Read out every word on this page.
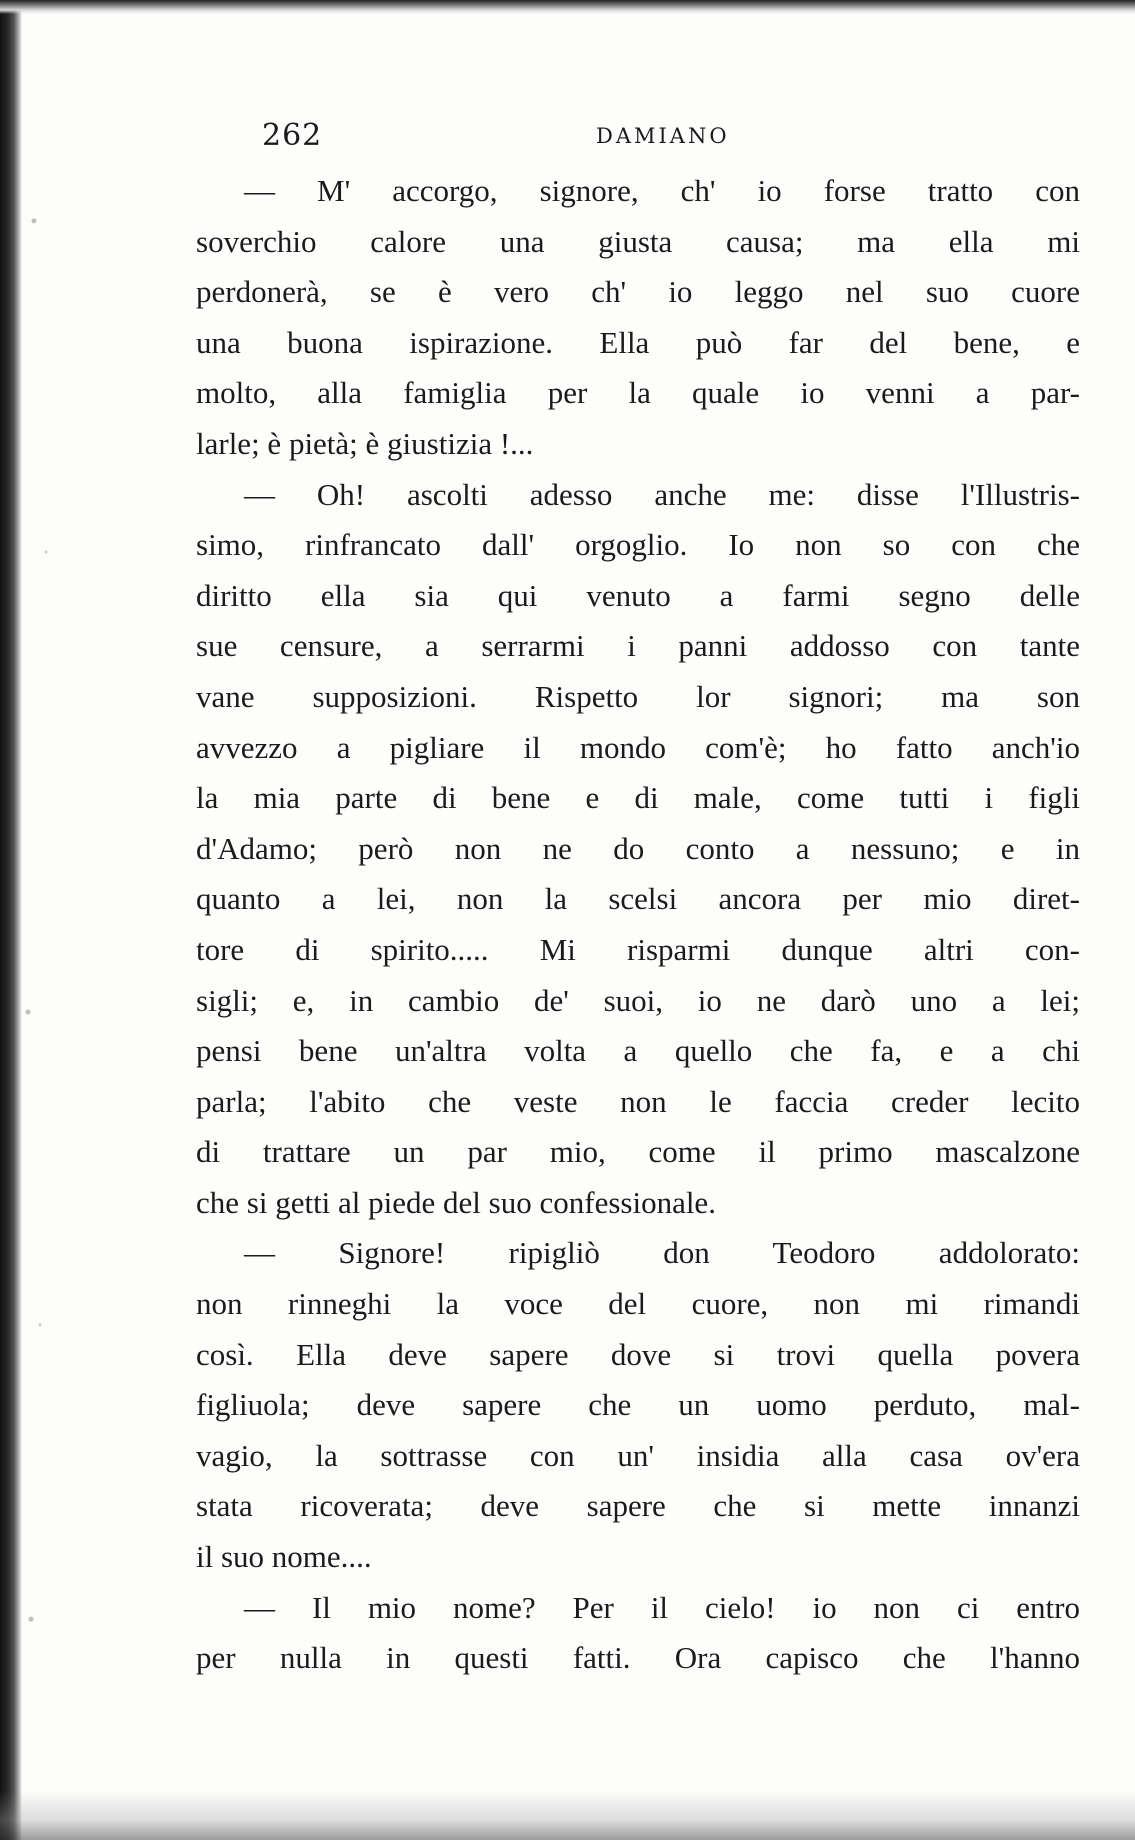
262	DAMIANO
— M' accorgo, signore, ch' io forse tratto con
soverchio calore una giusta causa; ma ella mi
perdonerà, se è vero ch' io leggo nel suo cuore
una buona ispirazione. Ella può far del bene, e
molto, alla famiglia per la quale io venni a par-
larle; è pietà; è giustizia !...
— Oh! ascolti adesso anche me: disse l'Illustris-
simo, rinfrancato dall' orgoglio. Io non so con che
diritto ella sia qui venuto a farmi segno delle
sue censure, a serrarmi i panni addosso con tante
vane supposizioni. Rispetto lor signori; ma son
avvezzo a pigliare il mondo com'è; ho fatto anch'io
la mia parte di bene e di male, come tutti i figli
d'Adamo; però non ne do conto a nessuno; e in
quanto a lei, non la scelsi ancora per mio diret-
tore di spirito..... Mi risparmi dunque altri con-
sigli; e, in cambio de' suoi, io ne darò uno a lei;
pensi bene un'altra volta a quello che fa, e a chi
parla; l'abito che veste non le faccia creder lecito
di trattare un par mio, come il primo mascalzone
che si getti al piede del suo confessionale.
— Signore! ripigliò don Teodoro addolorato:
non rinneghi la voce del cuore, non mi rimandi
così. Ella deve sapere dove si trovi quella povera
figliuola; deve sapere che un uomo perduto, mal-
vagio, la sottrasse con un' insidia alla casa ov'era
stata ricoverata; deve sapere che si mette innanzi
il suo nome....
— Il mio nome? Per il cielo! io non ci entro
per nulla in questi fatti. Ora capisco che l'hanno
